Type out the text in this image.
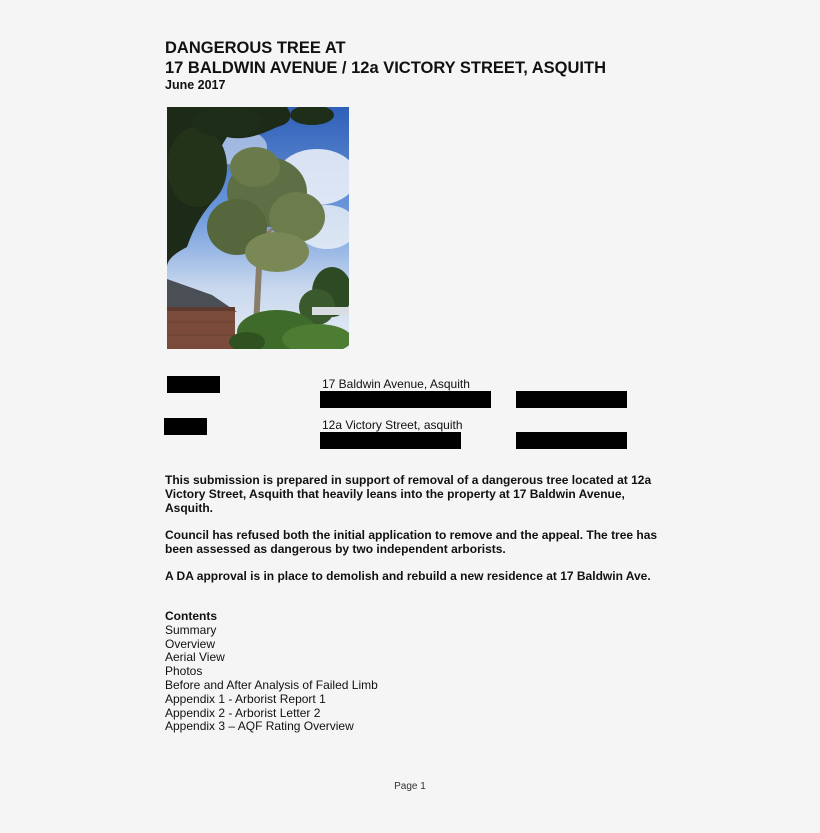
DANGEROUS TREE AT
17 BALDWIN AVENUE / 12a VICTORY STREET, ASQUITH
June 2017
17 Baldwin Avenue, Asquith
12a Victory Street, asquith
This submission is prepared in support of removal of a dangerous tree located at 12a Victory Street, Asquith that heavily leans into the property at 17 Baldwin Avenue, Asquith.
Council has refused both the initial application to remove and the appeal. The tree has been assessed as dangerous by two independent arborists.
A DA approval is in place to demolish and rebuild a new residence at 17 Baldwin Ave.
Contents
Summary
Overview
Aerial View
Photos
Before and After Analysis of Failed Limb
Appendix 1 - Arborist Report 1
Appendix 2 - Arborist Letter 2
Appendix 3 – AQF Rating Overview
Page 1
